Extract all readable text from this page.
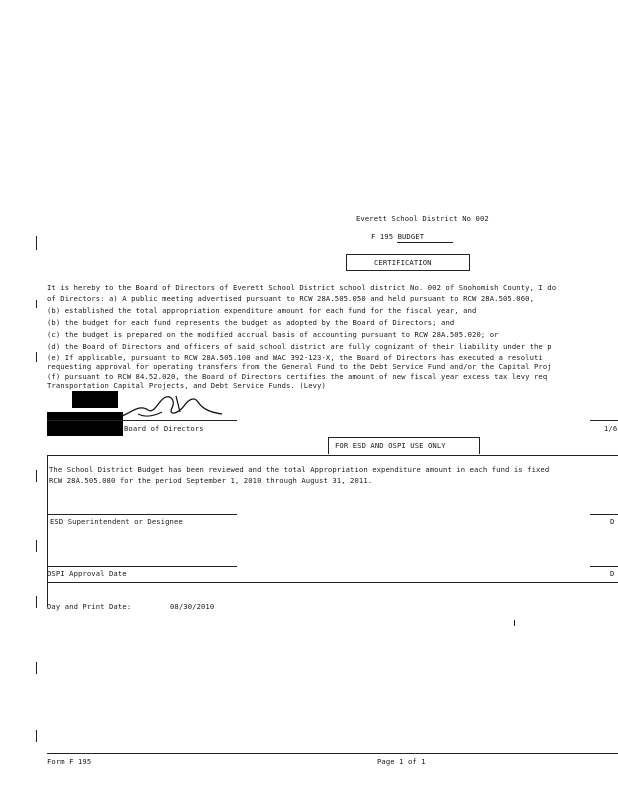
Everett School District No 002
F 195 BUDGET
CERTIFICATION
It is hereby to the Board of Directors of Everett School District school district No. 002 of Snohomish County, I do
of Directors: a) A public meeting advertised pursuant to RCW 28A.505.050 and held pursuant to RCW 28A.505.060,
(b) established the total appropriation expenditure amount for each fund for the fiscal year, and
(b) the budget for each fund represents the budget as adopted by the Board of Directors; and
(c) the budget is prepared on the modified accrual basis of accounting pursuant to RCW 28A.505.020; or
(d) the Board of Directors and officers of said school district are fully cognizant of their liability under the p
(e) If applicable, pursuant to RCW 28A.505.100 and WAC 392-123-X, the Board of Directors has executed a resoluti
requesting approval for operating transfers from the General Fund to the Debt Service Fund and/or the Capital Proj
(f) pursuant to RCW 84.52.020, the Board of Directors certifies the amount of new fiscal year excess tax levy req
Transportation Capital Projects, and Debt Service Funds. (Levy)
Board of Directors	1/6
FOR ESD AND OSPI USE ONLY
The School District Budget has been reviewed and the total Appropriation expenditure amount in each fund is fixed
RCW 28A.505.080 for the period September 1, 2010 through August 31, 2011.
ESD Superintendent or Designee	D
OSPI Approval Date	D
Day and Print Date:	08/30/2010
Form F 195	Page 1 of 1
